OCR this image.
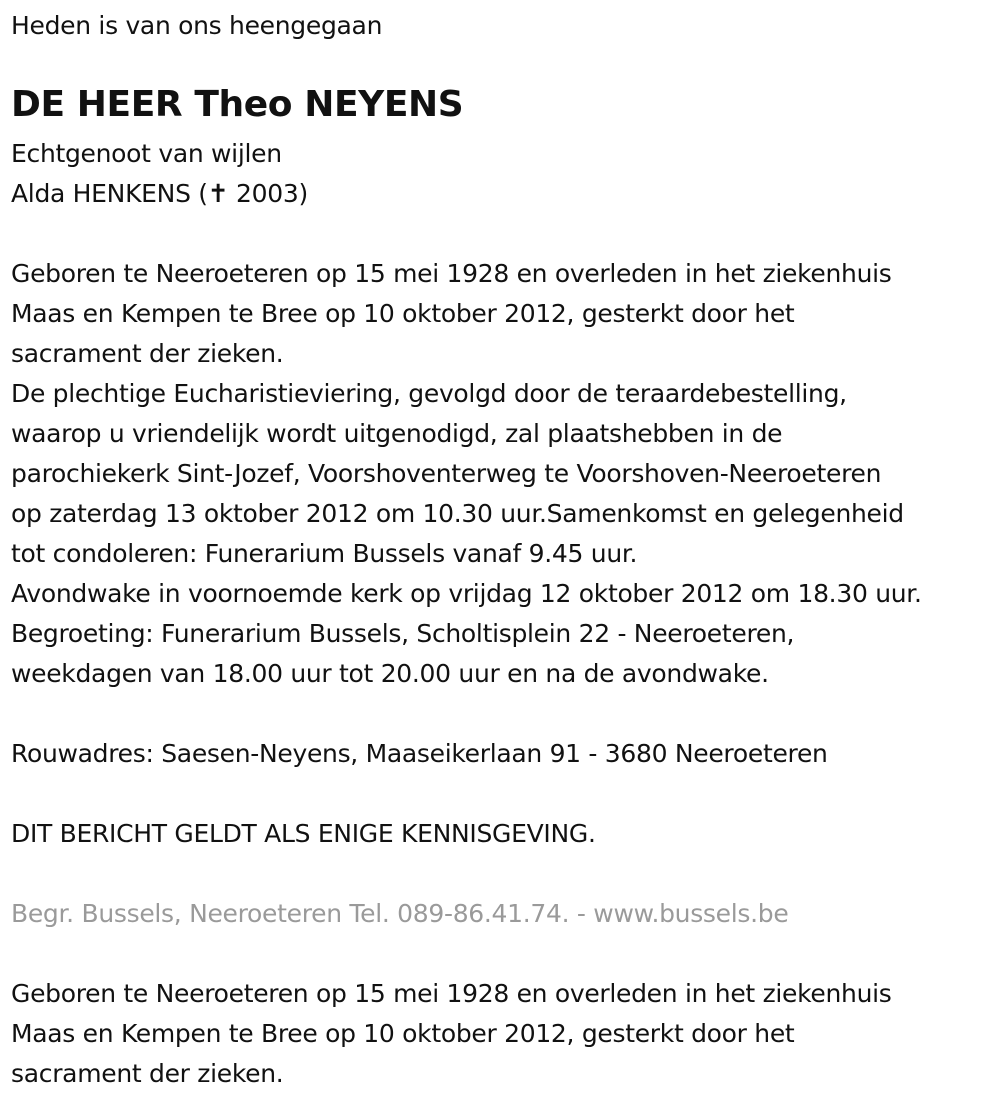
Heden is van ons heengegaan
DE HEER Theo NEYENS
Echtgenoot van wijlen
Alda HENKENS (✝ 2003)
Geboren te Neeroeteren op 15 mei 1928 en overleden in het ziekenhuis
Maas en Kempen te Bree op 10 oktober 2012, gesterkt door het
sacrament der zieken.
De plechtige Eucharistieviering, gevolgd door de teraardebestelling,
waarop u vriendelijk wordt uitgenodigd, zal plaatshebben in de
parochiekerk Sint-Jozef, Voorshoventerweg te Voorshoven-Neeroeteren
op zaterdag 13 oktober 2012 om 10.30 uur.Samenkomst en gelegenheid
tot condoleren: Funerarium Bussels vanaf 9.45 uur.
Avondwake in voornoemde kerk op vrijdag 12 oktober 2012 om 18.30 uur.
Begroeting: Funerarium Bussels, Scholtisplein 22 - Neeroeteren,
weekdagen van 18.00 uur tot 20.00 uur en na de avondwake.
Rouwadres: Saesen-Neyens, Maaseikerlaan 91 - 3680 Neeroeteren
DIT BERICHT GELDT ALS ENIGE KENNISGEVING.
Begr. Bussels, Neeroeteren Tel. 089-86.41.74. - www.bussels.be
Geboren te Neeroeteren op 15 mei 1928 en overleden in het ziekenhuis
Maas en Kempen te Bree op 10 oktober 2012, gesterkt door het
sacrament der zieken.
